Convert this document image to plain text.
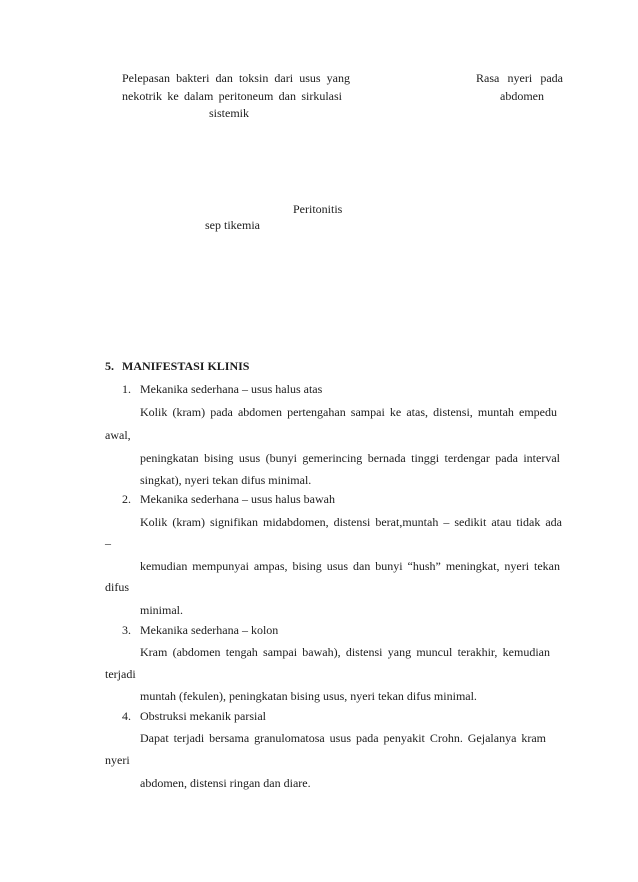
Pelepasan bakteri dan toksin dari usus yang
nekotrik ke dalam peritoneum dan sirkulasi
sistemik
Rasa nyeri pada
abdomen
Peritonitis
sep tikemia
5. MANIFESTASI KLINIS
1. Mekanika sederhana – usus halus atas
Kolik (kram) pada abdomen pertengahan sampai ke atas, distensi, muntah empedu
awal,
peningkatan bising usus (bunyi gemerincing bernada tinggi terdengar pada interval
singkat), nyeri tekan difus minimal.
2. Mekanika sederhana – usus halus bawah
Kolik (kram) signifikan midabdomen, distensi berat,muntah – sedikit atau tidak ada
–
kemudian mempunyai ampas, bising usus dan bunyi “hush” meningkat, nyeri tekan
difus
minimal.
3. Mekanika sederhana – kolon
Kram (abdomen tengah sampai bawah), distensi yang muncul terakhir, kemudian
terjadi
muntah (fekulen), peningkatan bising usus, nyeri tekan difus minimal.
4. Obstruksi mekanik parsial
Dapat terjadi bersama granulomatosa usus pada penyakit Crohn. Gejalanya kram
nyeri
abdomen, distensi ringan dan diare.
